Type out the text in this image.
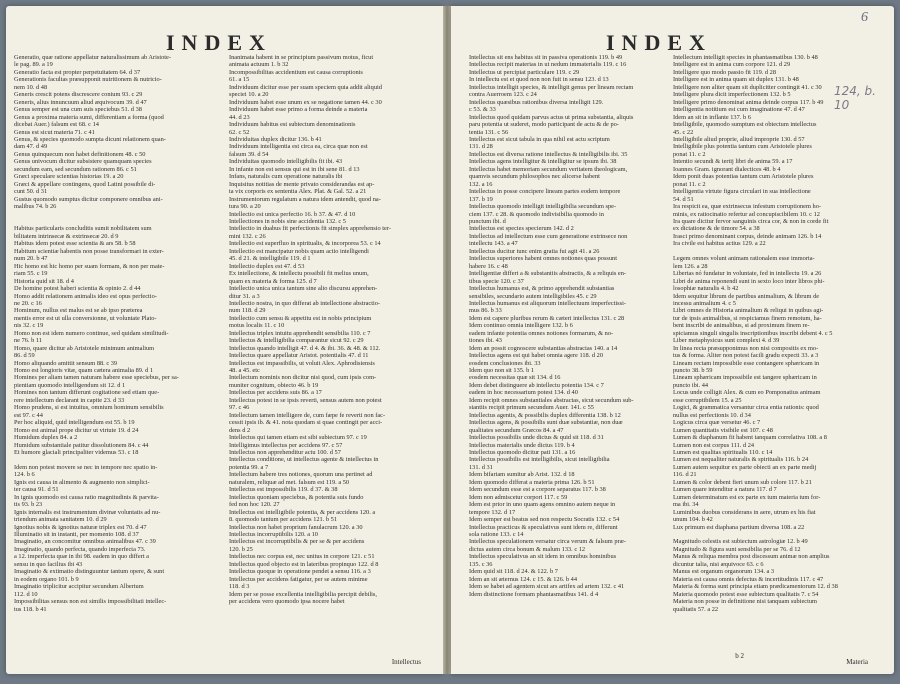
INDEX

Generatio, quæ ratione appellatur naturalissimum ab Aristote-

le pag. 89. a 19

Generatio facta est propter perpetuitatem 64. d 37

Generationis facultas præsupponit nutritionem & nutricio-

nem 10. d 48

Generis crescit potens discrescere conium 93. c 29

Generis, alius innuncuum aliud æquivocum 39. d 47

Genus semper est una cum suis speciebus 51. d 38

Genus a proxima materia sumi, differentiam a forma (quod

dicebat Auer.) falsum est 68. c 14

Genus est sicut materia 71. c 41

Genus, & species quomodo sumpta dicunt relationem quan-

dam 47. d 49

Genus quinquecum non habet definitionem 48. c 50

Genus univocum dicitur subsistere quamquam species

secundum eam, sed secundum rationem 86. c 51

Græci speculare scientias historias 19. a 20

Græci & appellare contingens, quod Latini possibile di-

cunt 50. d 31

Gustus quomodo sumptus dicitur componere omnibus ani-

malibus 74. b 26

Habitus particularis concluditis sumit nobilitatem sum

bilitatem intrinsecæ & extrinsecæ 20. d 9

Habitus idem potest esse scientia & ars 58. b 58

Habitum scientiæ habentis non posse transformari in exter-

num 20. b 47

Hic homo est hic homo per suam formam, & non per mate-

riam 55. c 19

Historia quid sit 18. d 4

De homine potest haberi scientia & opinio 2. d 44

Homo addit relationem animalis ideo est opus perfectio-

ne 20. c 16

Hominum, nullus est malus est se ab ipso præterea

mentis error est ut ulla conversionne, ut voluntate Plato-

nis 32. c 19

Homo non est idem numero continue, sed quidam similitudi-

ne 76. b 11

Homo, quare dicitur ab Aristotele minimum animalium

86. d 59

Homo aliquando amittit sensum 88. c 39

Homo est longioris vitæ, quam cætera animalia 89. d 1

Homines per aliam tamen naturam habere esse speciebus, per sa-

pientiam quomodo intelligendum sit 12. d 1

Homines non tantum differunt cogitatione sed etiam que-

rere intellectum declarant in capite 23. d 33

Homo prudens, si est intuitus, omnium hominum sensibilis

est 97. c 44

Per hoc aliquid, quid intelligendum est 55. b 19

Homo est animal prope dicitur ut virtute 19. d 24

Humidum duplex 84. a 2

Humidum substantiale patitur dissolutionem 84. c 44

Et humore glaciali principaliter videmus 53. c 18

Idem non potest movere se nec in tempore nec spatio in-

124. b 6

Ignis est causa in alimento & augmento non simplici-

ter causa 91. d 51

In ignis quomodo est causa ratio magnitudinis & parvita-

tis 93. b 23

Ignis internalis est instrumentum divinæ voluntatis ad nu-

triendum animata sanitatem 10. d 29

Ignotius nobis & ignotius naturæ triplex est 70. d 47

Illuminatio sit in instanti, per momento 108. d 37

Imaginatio, an concomitur omnibus animalibus 47. c 39

Imaginatio, quando perfecta, quando imperfecta 73.

a 12. imperfecta quæ in ibi 98. eadem in quo differt a

sensu in quo facilius ibi 43

Imaginatio & extimatio distinguuntur tantum opere, & sunt

in eodem organo 101. b 9

Imaginatio triplicitur accipitur secundum Albertum

112. d 10

Impossibilitas sensus non est similis impossibilitati intellec-

tus 118. b 41

Inanimata habent in se principium passivum motus, ficut

animata actuum 1. b 32

Incompossibilitas accidentium est causa corruptionis

61. a 15

Individuum dicitur esse per suam speciem quia addit aliquid

speciei 10. a 20

Individuum habet esse unum ex se negatione tamen 44. c 30

Individuum habet esse primo a forma deinde a materia

44. d 23

Individuum habitus est subiectum denominationis

62. c 52

Individuitas duplex dicitur 136. b 41

Individuum intelligentia est circa ea, circa quæ non est

falsum 39. d 54

Individuitas quomodo intelligibilis fit ibi. 43

In infante non est sensus qui est in ibi sene 81. d 13

Infans, naturalis cum operatione naturalis ibi

Inquisitus notitias de mente privato considerandas est ap-

ta vix corporis ex sententia Alex. Plat. & Gal. 52. a 21

Instrumentorum regulatum a natura idem antendit, quod na-

tura 90. a 20

Intellectio est unica perfectio 16. b 37. & 47. d 10

Intellectiones in nobis sine accidentia 132. c 5

Intellectio in duabus fit perfectionis fit simplex apprehensio ter-

mini 132. c 26

Intellectio est superfluo in spiritualis, & incorporea 53. c 14

Intellectio est mancipatur nobis quam actio intelligendi

45. d 21. & intelligibile 119. d 1

Intellectio duplex est 47. d 53

Ex intellectione, & intellectu possibili fit melius unum,

quam ex materia & forma 125. d 7

Intellectio unica unica tantum sine alio discursu apprehen-

ditur 31. a 3

Intellectio nostra, in quo differat ab intellectione abstractio-

num 118. d 29

Intellectio cum sensu & appetitu est in nobis principium

motus localis 11. c 10

Intellectus triplex intuitu apprehendit sensibilia 110. c 7

Intellectus & intelligibilia comparantur sicut 92. c 29

Intellectus quando intelligit 47. d 4. & ibi. 36. & 48. & 112.

Intellectus quare appellatur Aristot. potentialis 47. d 11

Intellectus est impassibilis, ut voluit Alex. Aphrodisiensis

48. a 45. etc

Intellectum nominis non dicitur nisi quod, cum ipsis com-

muniter cognitum, obiecto 46. b 19

Intellectus per accidens suis 86. a 17

Intellectus potest in se ipsis reverti, sensus autem non potest

97. c 46

Intellectum tamen intelligere de, cum fæpe fe reverti non fac-

cessit ipsis ib. & 41. nota quodam si quae contingit per acci-

dens d 2

Intellectus qui tamen etiam est sibi subiectum 97. c 19

Intelligimus intellectus per accidens 97. c 57

Intellectus non apprehenditur actu 100. d 57

Intellectus conditione, ut intellectus agente & intellectus in

potentia 99. a 7

Intellectum habere tres notiones, quorum una pertinet ad

naturalem, reliquæ ad met. falsum est 119. a 50

Intellectus est impossibilis 119. d 37. & 38

Intellectus quoniam speciebus, & potentia suis fundo

fed non hoc 120. 27

Intellectus est intelligibile potentia, & per accidens 120. a

8. quomodo tantum per accidens 121. b 51

Intellectus non habet proprium fanulacrum 120. a 30

Intellectus incorruptibilis 120. a 10

Intellectus est incorruptibilis & per se & per accidens

120. b 25

Intellectus nec corpus est, nec unitus in corpore 121. c 51

Intellectus quod objecto est in lateribus propinquo 122. d 8

Intellectus quoque in operatione pendet a sensu 116. a 3

Intellectus per accidens fatigatur, per se autem minime

118. d 3

Idem per se posse excellentia intelligibilia percipit debilis,

per accidens vero quomodo ipsa nocere habet

Intellectus
6
INDEX

Intellectus sit ens habitus sit in passiva operationis 119. b 49

Intellectus recipit materias in ut nedum immaterialis 119. c 16

Intellectus ut percipiat particulare 119. c 29

In intellectu est et quod non non fuit in sensu 123. d 13

Intellectus intelligit species, & intelligit genus per lineam rectam

contra Auerroem 123. c 24

Intellectus quæsibus rationibus diversa intelligit 129.

c 53. & 33

Intellectus quod quidam parvus actus ut prima substantia, aliquis

paru potentia ut suderet, modo participant de actu & de po-

tentia 131. c 56

Intellectus est sicut tabula in qua nihil est actu scriptum

131. d 28

Intellectus est diversa ratione intellectus & intelligibilis ibi. 35

Intellectus agens intelligitur & intelligitur se ipsum ibi. 38

Intellectus habet memoriam secundum veritatem theologicam,

quamvis secundum philosophos nec alicerse habent

132. a 16

Intellectus in posse concipere lineam partes eodem tempore

137. b 19

Intellectus quomodo intelligit intelligibilia secundum spe-

ciem 137. c 28. & quomodo indivisibilia quomodo in

punctum ibi. d

Intellectus est species specierum 142. d 2

Intellectus ad intellectum esse cum generatione extrinsece non

intellectu 143. a 47

Intellectus ducitur tunc enim gratia fui agit 41. a 26

Intellectus superiores habent omnes notiones quas possunt

habere 16. c 48

Intelligentiæ differt a & substantiis abstractis, & a reliquis en-

tibus specie 120. c 37

Intellectus humanus est, & primo apprehendit substantias

sensibiles, secundario autem intelligibiles 45. c 29

Intellectus humanus est aliquorum intellectuum imperfectissi-

mus 86. b 33

Idem est capere pluribus rerum & cæteri intellectus 131. c 28

Idem continuo omnia intelligere 132. b 6

eadem infante potentia omnes notiones formarum, & no-

tiones ibi. 43

Idem an possit cognoscere substantias abstractas 140. a 14

Intellectus agens est qui habet omnia agere 118. d 20

eosdem conclusiones ibi. 33

Idem quo non sit 135. b 1

eosdem necessitas quæ sit 134. d 16

Idem debet distinguere ab intellectu potentia 134. c 7

eadem in hoc necessarium potest 134. d 40

Idem recipit omnes substantiales abstractas, sicut secundum sub-

stantiis recipit primum secundum Auer. 141. c 55

Intellectus agentis, & possibilis duplex differentia 138. b 12

Intellectus agens, & possibilis sunt duæ substantiæ, non duæ

qualitates secundum Græcos 84. a 47

Intellectus possibilis unde dictus & quid sit 118. d 31

Intellectus materialis unde dictus 119. b 4

Intellectus quomodo dicitur pati 131. a 16

Intellectus possibilis est intelligibilis, sicut intelligibilia

131. d 31

Idem bifariam sumitur ab Arist. 132. d 18

Idem quomodo differat a materia prima 126. b 51

Idem secundum esse est a corpore separatus 117. b 38

Idem non admiscetur corpori 117. c 59

Idem est prior in uno quam agens omnino autem neque in

tempore 132. d 17

Idem semper est beatus sed non respectu Socratis 132. c 54

Intellectus practicus & speculativus sunt idem re, differunt

sola ratione 133. c 14

Intellectus speculationem versatur circa verum & falsum præ-

dictus autem circa bonum & malum 133. c 12

Intellectus speculativus an sit idem in omnibus hominibus

135. c 36

Idem quid sit 118. d 24. & 122. b 7

Idem an sit æternus 124. c 15. & 126. b 44

Idem se habet ad agentem sicut ars artifex ad artem 132. c 41

Idem distinctione formam phantasmatibus 141. d 4

Intellectum intelligit species in phantasmatibus 130. b 48

Intelligere est in anima cum corpore 121. d 29

Intelligere quo modo passio fit 119. d 28

Intelligere est in anima quam sit duplex 131. b 48

Intelligere non aliter quam sit duplicitter contingit 41. c 30

Intelligere plura dicit imperfectionem 132. b 5

Intelligere primo denominat anima deinde corpus 117. b 49

Intelligentia notitium est cum imaginatione 47. d 47

Idem an sit in inflante 137. b 6

Intelligibile, quomodo sumptum est obiectum intellectus

45. c 22

Intelligibile aliud proprie, aliud improprie 130. d 57

Intelligibile plus potentia tantum cum Aristotele plures

ponat 11. c 2

Intentio secundi & tertij libri de anima 59. a 17

Ioannes Gram. ignorant dialectices 48. b 4

Idem ponit duas potentias tantum cum Aristotele plures

ponat 11. c 2

Intelligentia virtute figura circulari in sua intellectione

54. d 51

Ira respicit ea, quæ extrinsecus infestum corruptionem ho-

minis, ex ratiocinatio refertur ad concupiscibilem 10. c 12

Ira quare dicitur fervor sanguinis circa cor, & non in corde fit

ex dictatione & de timore 54. a 38

Irasci primo denominant corpus, deinde animam 126. b 14

Ira civile est habitus actius 129. a 22

Legem omnes volunt animam rationalem esse immorta-

lem 126. a 28

Libertas nó fundatur in voluntate, fed in intellectu 19. a 26

Libri de anima reponendi sunt in sexto loco inter libros phi-

losophiæ naturalis 4. b 42

Idem sequitur librum de partibus animalium, & librum de

incessu animalium 4. c 5

Libri omnes de Historia animalium & reliqui in quibus agi-

tur de ipsis animalibus, si respiciamus finem remotum, ha-

bent inscribi de animalibus, si ad proximum finem re-

spiciamus singuli singulis inscriptionibus inscribi debent 4. c 5

Liber metaphysicus sunt complexi 4. d 39

In linea recta præsupponimus non nisi compositis ex mo-

tus & forma. Aliter non potest facili gradu expecti 33. a 3

Lineam rectam impossibile esse contangere sphæricam in

puncto 38. b 59

Lineam sphæricam impossibile est tangere sphæricam in

puncto ibi. 44

Locus unde colligit Alex. & cum eo Pomponatius animam

esse corruptibilem 15. a 25

Logici, & grammatica versantur circa entia rationis: quod

nullus est perfectionis 10. d 34

Logicus circa quæ versetur 46. c 7

Lumen quantitatis visibile est 107. c 48

Lumen & diaphanum fit habent tanquam correlativa 108. a 8

Lumen non est corpus 111. d 24

Lumen est qualitas spiritualis 110. c 14

Lumen est nequaliter naturalis & spiritualis 116. b 24

Lumen autem sequitur ex parte obiecti an ex parte medij

116. d 21

Lumen & color debent fieri unum sub colore 117. b 21

Lumen quare intenditur a natura 117. d 7

Lumen determinatum est ex parte ex tum materia tum for-

ma ibi. 34

Luminibus duobus considerans in aere, utrum ex his fiat

unum 104. b 42

Lux primum est diaphana partium diversa 108. a 22

Magnitudo celestis est subiectum astrologiæ 12. b 49

Magnitudo & figura sunt sensibilia per se 76. d 12

Manus & reliqua membra post discessum animæ non amplius

dicuntur talia, nisi æquivoce 63. c 6

Manus est organum organorum 134. a 3

Materia est causa omnis defectus & incertitudinis 117. c 47

Materia & forma sunt principia etiam prædicamentorum 12. d 38

Materia quomodo potest esse subiectum qualitatis 7. c 54

Materia non posse in definitione nisi tanquam subiectum

qualitatis 57. a 22

124, b. 10
b 2
Materia
